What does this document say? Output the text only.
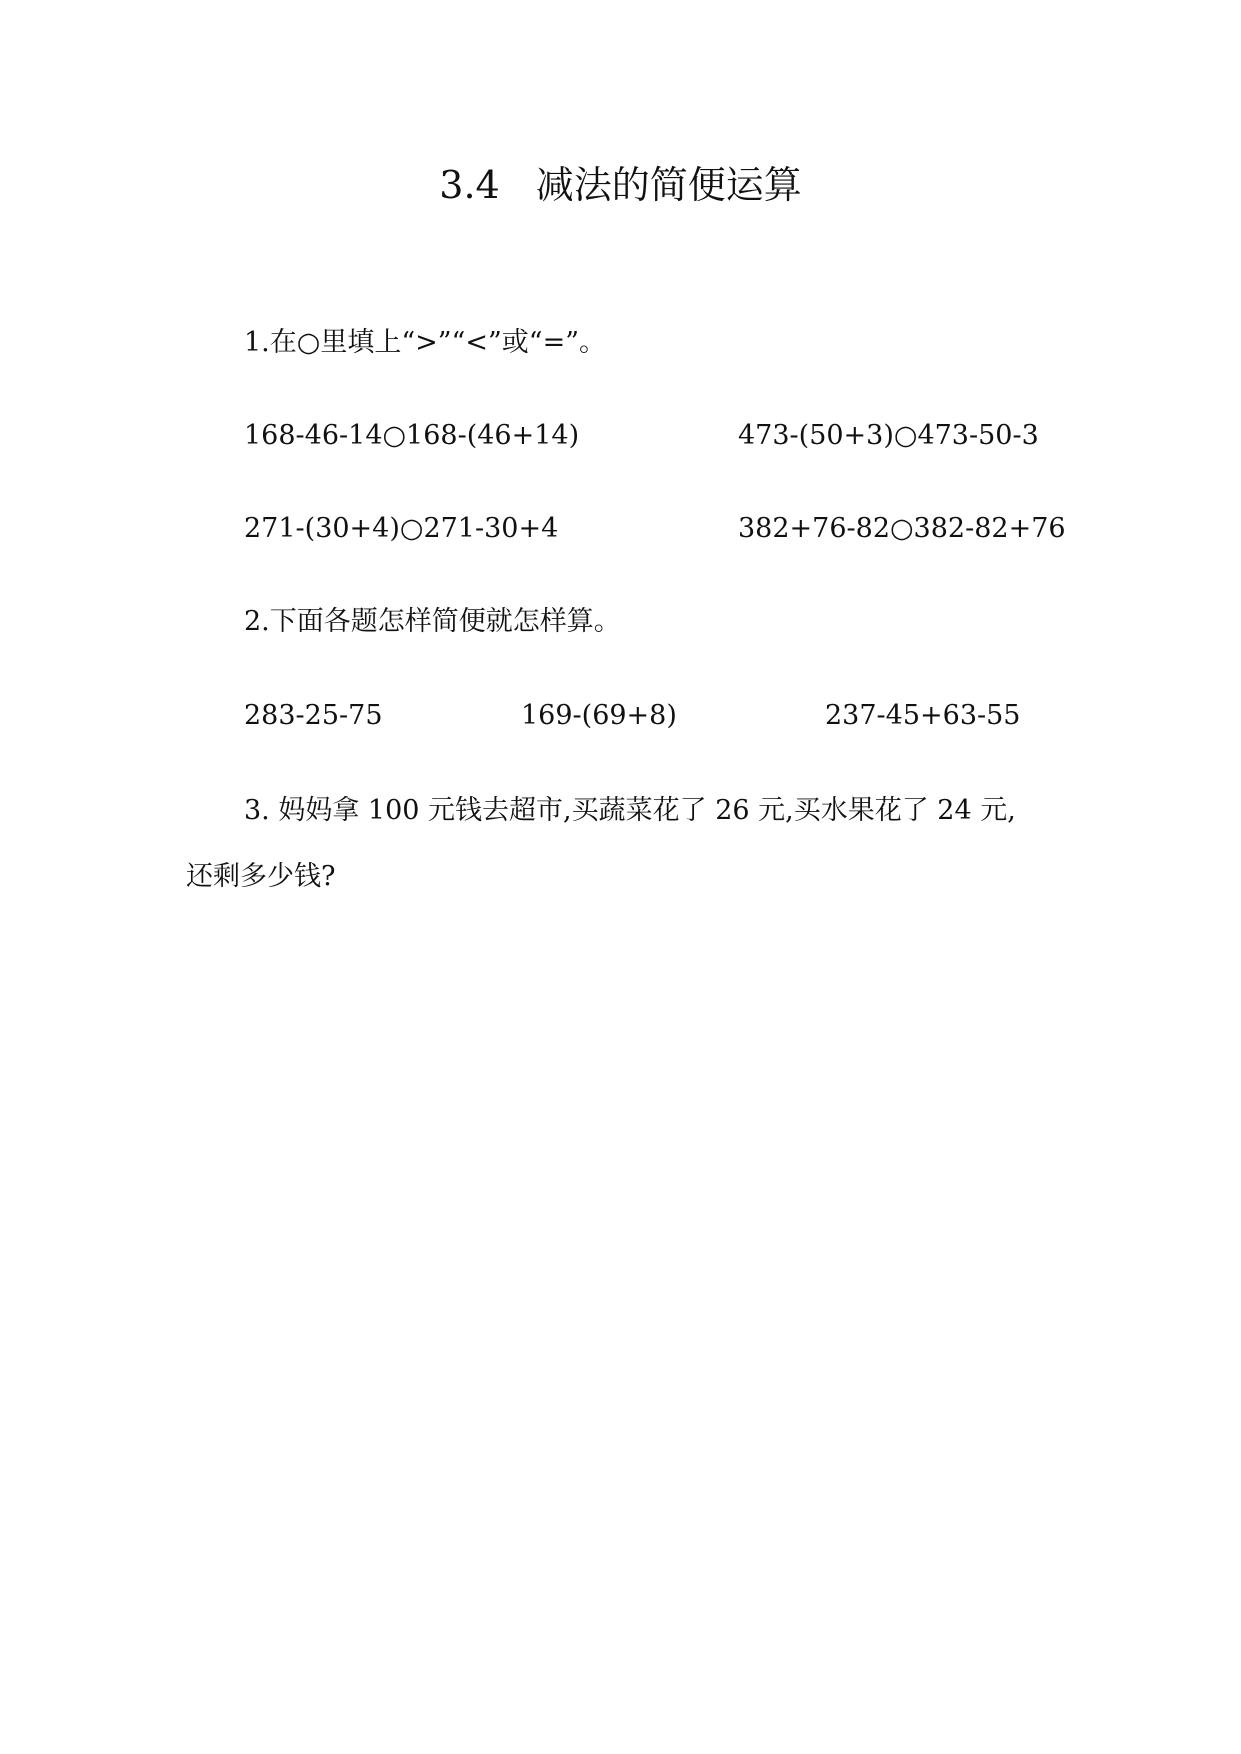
3.4 减法的简便运算
1.在○里填上“>”“<”或“=”。
168-46-14○168-(46+14)	473-(50+3)○473-50-3
271-(30+4)○271-30+4	382+76-82○382-82+76
2.下面各题怎样简便就怎样算。
283-25-75	169-(69+8)	237-45+63-55
3. 妈妈拿 100 元钱去超市,买蔬菜花了 26 元,买水果花了 24 元,
还剩多少钱?
